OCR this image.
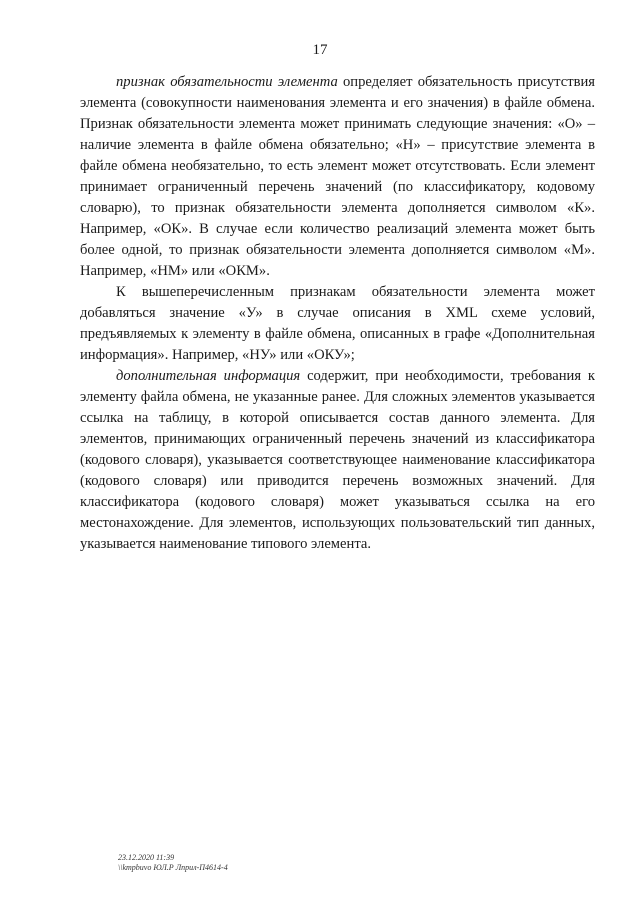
17

признак обязательности элемента определяет обязательность присутствия элемента (совокупности наименования элемента и его значения) в файле обмена. Признак обязательности элемента может принимать следующие значения: «О» – наличие элемента в файле обмена обязательно; «Н» – присутствие элемента в файле обмена необязательно, то есть элемент может отсутствовать. Если элемент принимает ограниченный перечень значений (по классификатору, кодовому словарю), то признак обязательности элемента дополняется символом «К». Например, «ОК». В случае если количество реализаций элемента может быть более одной, то признак обязательности элемента дополняется символом «М». Например, «НМ» или «ОКМ».

К вышеперечисленным признакам обязательности элемента может добавляться значение «У» в случае описания в XML схеме условий, предъявляемых к элементу в файле обмена, описанных в графе «Дополнительная информация». Например, «НУ» или «ОКУ»;

дополнительная информация содержит, при необходимости, требования к элементу файла обмена, не указанные ранее. Для сложных элементов указывается ссылка на таблицу, в которой описывается состав данного элемента. Для элементов, принимающих ограниченный перечень значений из классификатора (кодового словаря), указывается соответствующее наименование классификатора (кодового словаря) или приводится перечень возможных значений. Для классификатора (кодового словаря) может указываться ссылка на его местонахождение. Для элементов, использующих пользовательский тип данных, указывается наименование типового элемента.

23.12.2020 11:39
\\kmpbuvo ЮЛ.Р Лприл-П4614-4
